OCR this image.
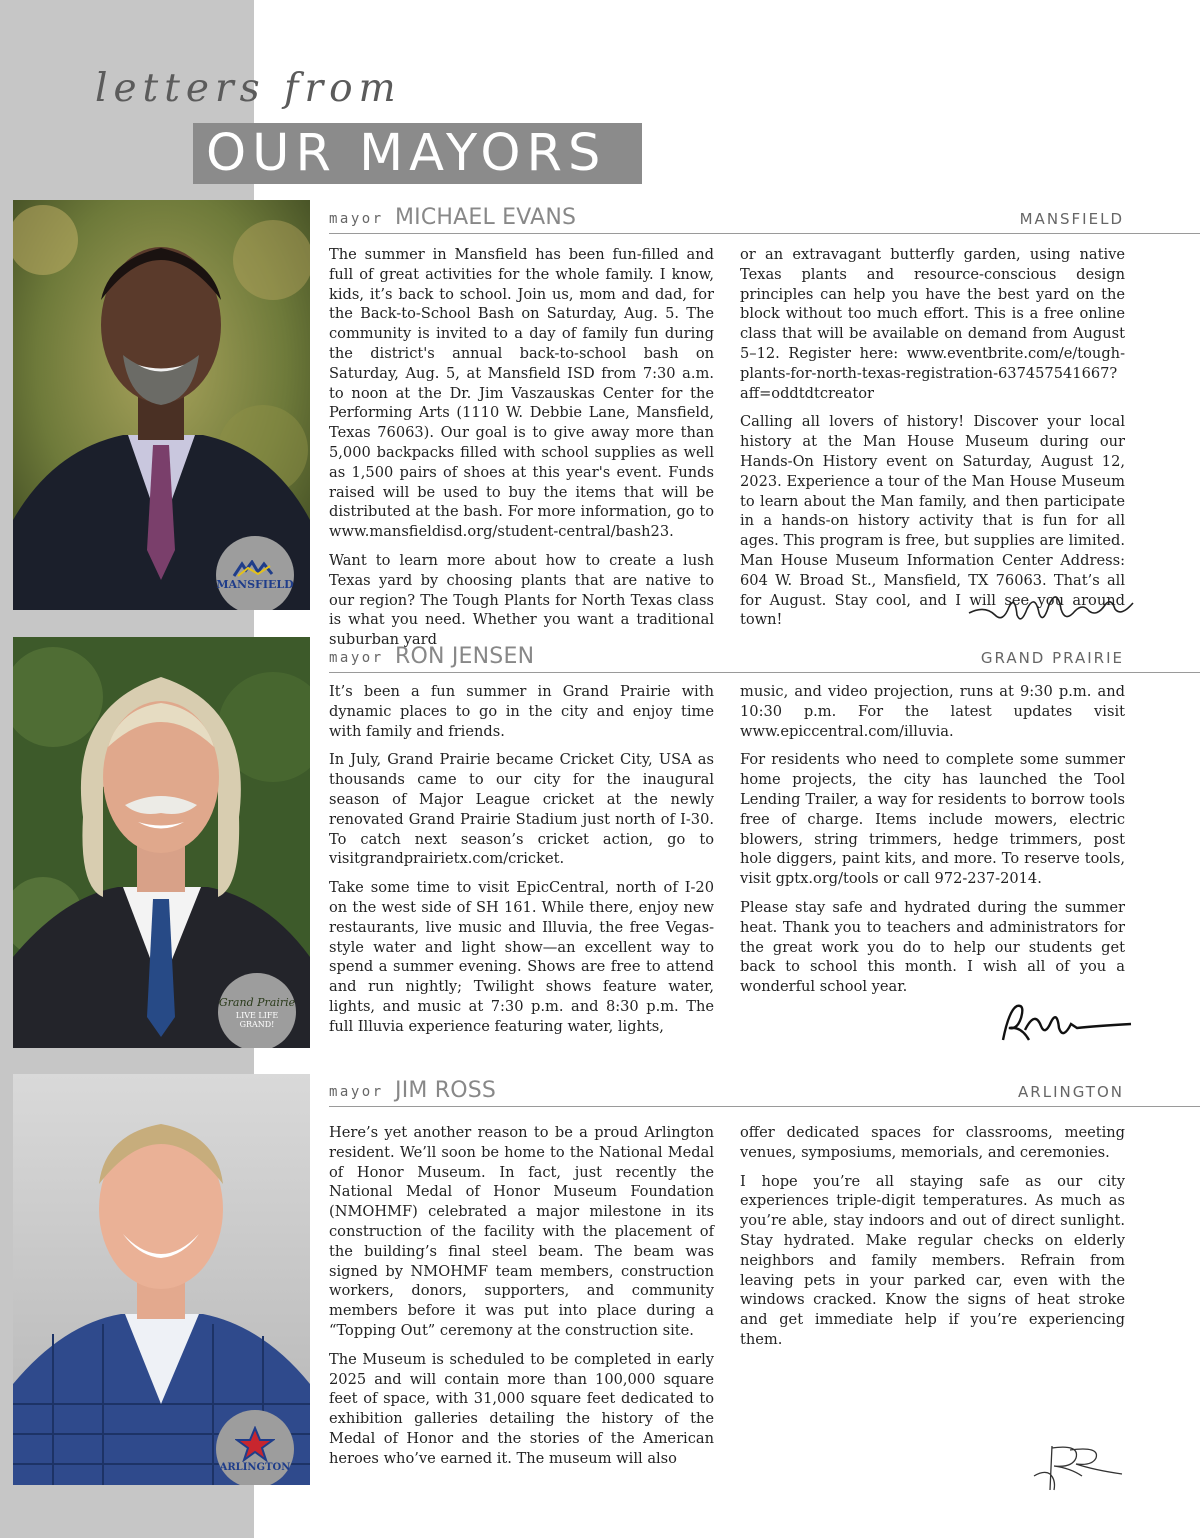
letters from
OUR MAYORS
MANSFIELD
mayor MICHAEL EVANS	MANSFIELD

The summer in Mansfield has been fun-filled and full of great activities for the whole family. I know, kids, it’s back to school. Join us, mom and dad, for the Back-to-School Bash on Saturday, Aug. 5. The community is invited to a day of family fun during the district's annual back-to-school bash on Saturday, Aug. 5, at Mansfield ISD from 7:30 a.m. to noon at the Dr. Jim Vaszauskas Center for the Performing Arts (1110 W. Debbie Lane, Mansfield, Texas 76063). Our goal is to give away more than 5,000 backpacks filled with school supplies as well as 1,500 pairs of shoes at this year's event. Funds raised will be used to buy the items that will be distributed at the bash. For more information, go to www.mansfieldisd.org/student-central/bash23.

Want to learn more about how to create a lush Texas yard by choosing plants that are native to our region? The Tough Plants for North Texas class is what you need. Whether you want a traditional suburban yard

or an extravagant butterfly garden, using native Texas plants and resource-conscious design principles can help you have the best yard on the block without too much effort. This is a free online class that will be available on demand from August 5–12. Register here: www.eventbrite.com/e/tough-plants-for-north-texas-registration-637457541667?aff=oddtdtcreator

Calling all lovers of history! Discover your local history at the Man House Museum during our Hands-On History event on Saturday, August 12, 2023. Experience a tour of the Man House Museum to learn about the Man family, and then participate in a hands-on history activity that is fun for all ages. This program is free, but supplies are limited. Man House Museum Information Center Address: 604 W. Broad St., Mansfield, TX 76063. That’s all for August. Stay cool, and I will see you around town!

Grand Prairie
LIVE LIFE GRAND!
mayor RON JENSEN	GRAND PRAIRIE

It’s been a fun summer in Grand Prairie with dynamic places to go in the city and enjoy time with family and friends.

In July, Grand Prairie became Cricket City, USA as thousands came to our city for the inaugural season of Major League cricket at the newly renovated Grand Prairie Stadium just north of I-30. To catch next season’s cricket action, go to visitgrandprairietx.com/cricket.

Take some time to visit EpicCentral, north of I-20 on the west side of SH 161. While there, enjoy new restaurants, live music and Illuvia, the free Vegas-style water and light show—an excellent way to spend a summer evening. Shows are free to attend and run nightly; Twilight shows feature water, lights, and music at 7:30 p.m. and 8:30 p.m. The full Illuvia experience featuring water, lights,

music, and video projection, runs at 9:30 p.m. and 10:30 p.m. For the latest updates visit www.epiccentral.com/illuvia.

For residents who need to complete some summer home projects, the city has launched the Tool Lending Trailer, a way for residents to borrow tools free of charge. Items include mowers, electric blowers, string trimmers, hedge trimmers, post hole diggers, paint kits, and more. To reserve tools, visit gptx.org/tools or call 972-237-2014.

Please stay safe and hydrated during the summer heat. Thank you to teachers and administrators for the great work you do to help our students get back to school this month. I wish all of you a wonderful school year.

ARLINGTON
mayor JIM ROSS	ARLINGTON

Here’s yet another reason to be a proud Arlington resident. We’ll soon be home to the National Medal of Honor Museum. In fact, just recently the National Medal of Honor Museum Foundation (NMOHMF) celebrated a major milestone in its construction of the facility with the placement of the building’s final steel beam. The beam was signed by NMOHMF team members, construction workers, donors, supporters, and community members before it was put into place during a “Topping Out” ceremony at the construction site.

The Museum is scheduled to be completed in early 2025 and will contain more than 100,000 square feet of space, with 31,000 square feet dedicated to exhibition galleries detailing the history of the Medal of Honor and the stories of the American heroes who’ve earned it. The museum will also

offer dedicated spaces for classrooms, meeting venues, symposiums, memorials, and ceremonies.

I hope you’re all staying safe as our city experiences triple-digit temperatures. As much as you’re able, stay indoors and out of direct sunlight. Stay hydrated. Make regular checks on elderly neighbors and family members. Refrain from leaving pets in your parked car, even with the windows cracked. Know the signs of heat stroke and get immediate help if you’re experiencing them.
